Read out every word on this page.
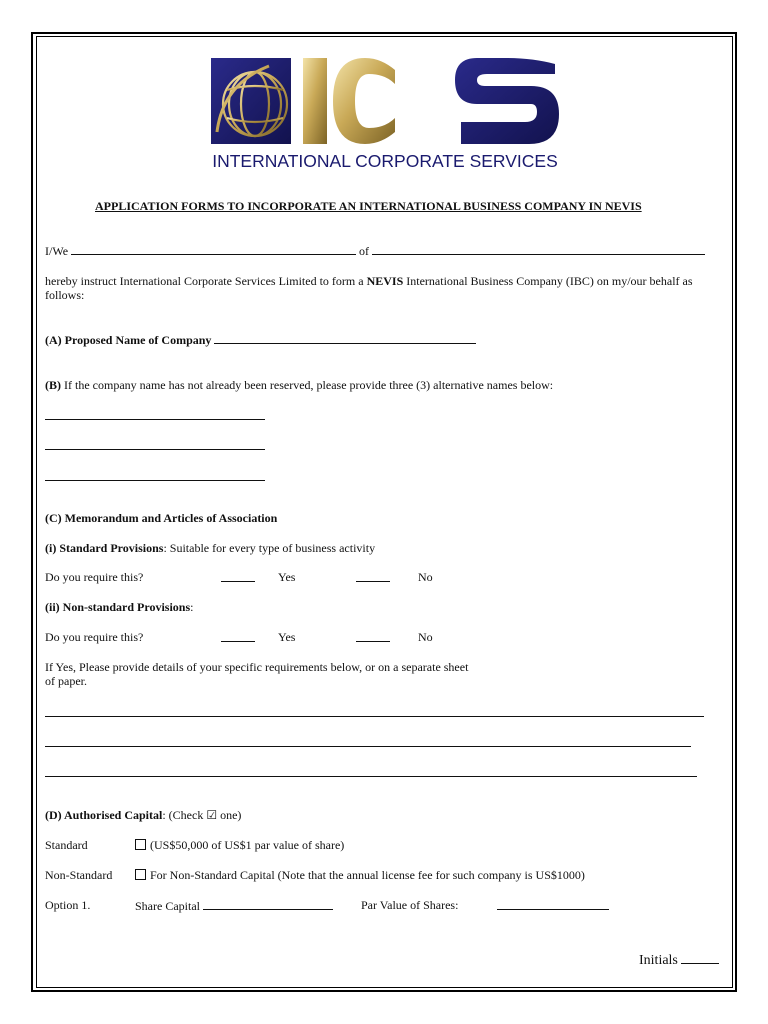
INTERNATIONAL CORPORATE SERVICES
APPLICATION FORMS TO INCORPORATE AN INTERNATIONAL BUSINESS COMPANY IN NEVIS
I/We	of
hereby instruct International Corporate Services Limited to form a NEVIS International Business Company (IBC) on my/our behalf as follows:
(A) Proposed Name of Company
(B) If the company name has not already been reserved, please provide three (3) alternative names below:
(C) Memorandum and Articles of Association
(i) Standard Provisions: Suitable for every type of business activity
Do you require this?	Yes	No
(ii) Non-standard Provisions:
Do you require this?	Yes	No
If Yes, Please provide details of your specific requirements below, or on a separate sheet of paper.
(D) Authorised Capital: (Check ☑ one)
Standard	(US$50,000 of US$1 par value of share)
Non-Standard	For Non-Standard Capital (Note that the annual license fee for such company is US$1000)
Option 1.	Share Capital	Par Value of Shares:
Initials
